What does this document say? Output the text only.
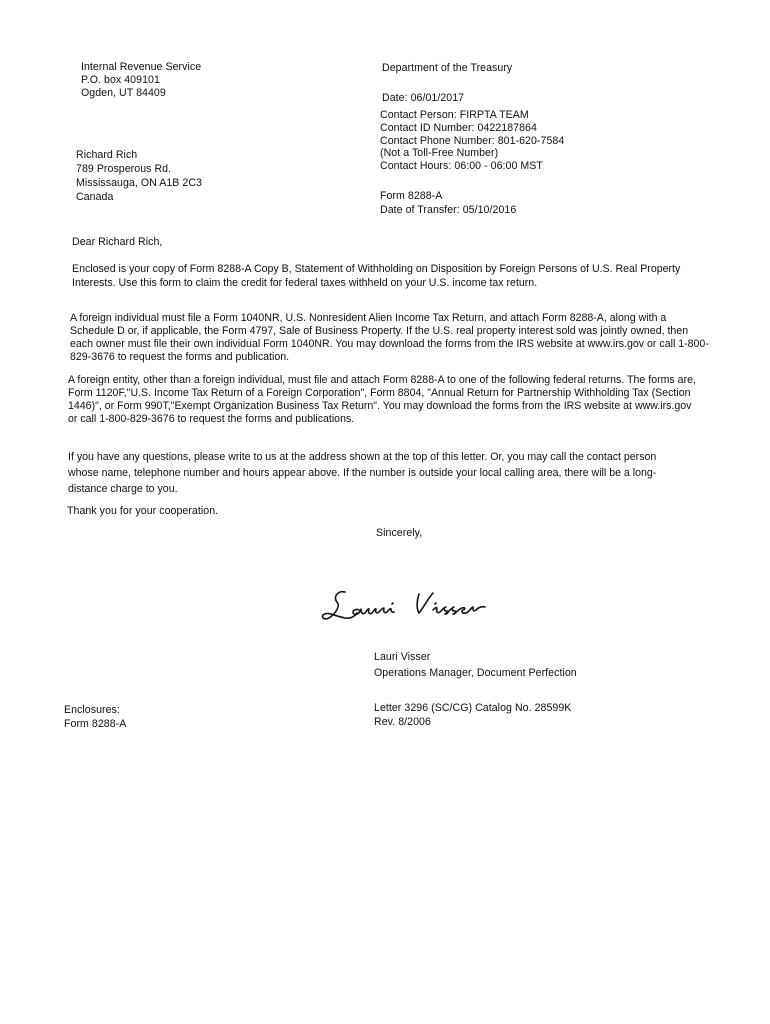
Internal Revenue Service
P.O. box 409101
Ogden, UT 84409
Department of the Treasury
Date: 06/01/2017
Contact Person: FIRPTA TEAM
Contact ID Number: 0422187864
Contact Phone Number: 801-620-7584
(Not a Toll-Free Number)
Contact Hours: 06:00 - 06:00 MST
Richard Rich
789 Prosperous Rd.
Mississauga, ON A1B 2C3
Canada	Form 8288-A
Date of Transfer: 05/10/2016
Dear Richard Rich,
Enclosed is your copy of Form 8288-A Copy B, Statement of Withholding on Disposition by Foreign Persons of U.S. Real Property Interests. Use this form to claim the credit for federal taxes withheld on your U.S. income tax return.
A foreign individual must file a Form 1040NR, U.S. Nonresident Alien Income Tax Return, and attach Form 8288-A, along with a Schedule D or, if applicable, the Form 4797, Sale of Business Property. If the U.S. real property interest sold was jointly owned, then each owner must file their own individual Form 1040NR. You may download the forms from the IRS website at www.irs.gov or call 1-800-829-3676 to request the forms and publication.
A foreign entity, other than a foreign individual, must file and attach Form 8288-A to one of the following federal returns. The forms are, Form 1120F,"U.S. Income Tax Return of a Foreign Corporation", Form 8804, "Annual Return for Partnership Withholding Tax (Section 1446)", or Form 990T,"Exempt Organization Business Tax Return". You may download the forms from the IRS website at www.irs.gov or call 1-800-829-3676 to request the forms and publications.
If you have any questions, please write to us at the address shown at the top of this letter. Or, you may call the contact person whose name, telephone number and hours appear above. If the number is outside your local calling area, there will be a long-distance charge to you.
Thank you for your cooperation.
Sincerely,
Lauri Visser
Operations Manager, Document Perfection
Enclosures:
Form 8288-A
Letter 3296 (SC/CG) Catalog No. 28599K
Rev. 8/2006
